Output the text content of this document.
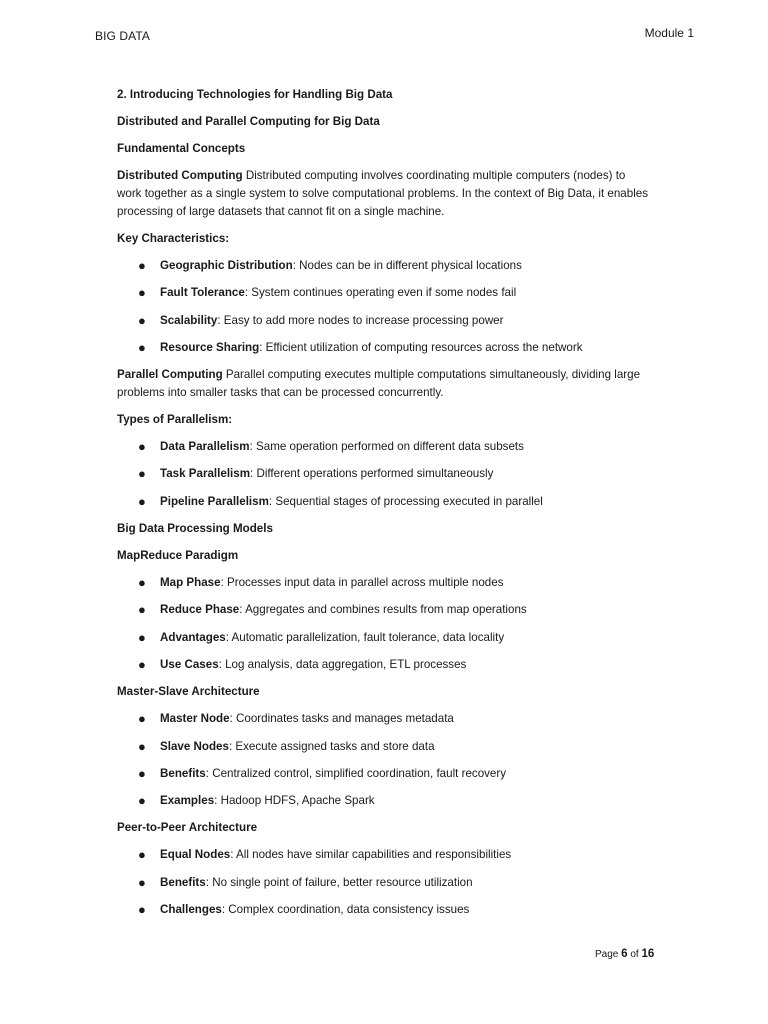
BIG DATA	Module 1
2. Introducing Technologies for Handling Big Data
Distributed and Parallel Computing for Big Data
Fundamental Concepts

Distributed Computing Distributed computing involves coordinating multiple computers (nodes) to work together as a single system to solve computational problems. In the context of Big Data, it enables processing of large datasets that cannot fit on a single machine.

Key Characteristics:
● Geographic Distribution: Nodes can be in different physical locations
● Fault Tolerance: System continues operating even if some nodes fail
● Scalability: Easy to add more nodes to increase processing power
● Resource Sharing: Efficient utilization of computing resources across the network

Parallel Computing Parallel computing executes multiple computations simultaneously, dividing large problems into smaller tasks that can be processed concurrently.

Types of Parallelism:
● Data Parallelism: Same operation performed on different data subsets
● Task Parallelism: Different operations performed simultaneously
● Pipeline Parallelism: Sequential stages of processing executed in parallel
Big Data Processing Models
MapReduce Paradigm
● Map Phase: Processes input data in parallel across multiple nodes
● Reduce Phase: Aggregates and combines results from map operations
● Advantages: Automatic parallelization, fault tolerance, data locality
● Use Cases: Log analysis, data aggregation, ETL processes
Master-Slave Architecture
● Master Node: Coordinates tasks and manages metadata
● Slave Nodes: Execute assigned tasks and store data
● Benefits: Centralized control, simplified coordination, fault recovery
● Examples: Hadoop HDFS, Apache Spark
Peer-to-Peer Architecture
● Equal Nodes: All nodes have similar capabilities and responsibilities
● Benefits: No single point of failure, better resource utilization
● Challenges: Complex coordination, data consistency issues
Page 6 of 16
